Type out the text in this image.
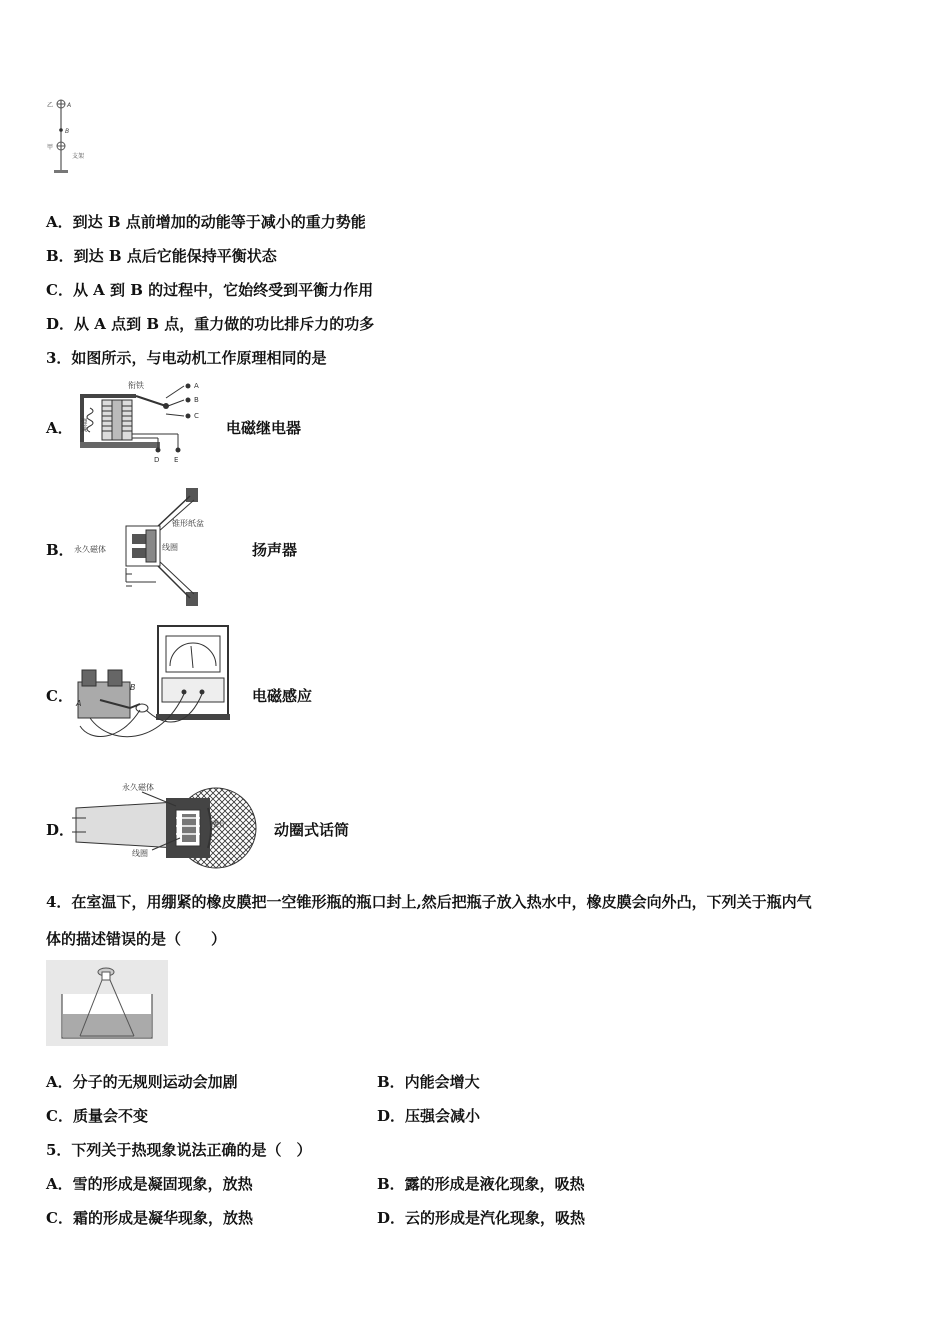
乙 A
B
甲
支架
A．到达 B 点前增加的动能等于减小的重力势能
B．到达 B 点后它能保持平衡状态
C．从 A 到 B 的过程中，它始终受到平衡力作用
D．从 A 点到 B 点，重力做的功比排斥力的功多
3．如图所示，与电动机工作原理相同的是
A．
衔铁
弹簧
A
B
C
D E
电磁继电器
B．
锥形纸盆
永久磁体	线圈	扬声器
C． A
B	电磁感应
D．
永久磁体
线圈
膜片	动圈式话筒
4．在室温下，用绷紧的橡皮膜把一空锥形瓶的瓶口封上,然后把瓶子放入热水中，橡皮膜会向外凸，下列关于瓶内气
体的描述错误的是（　　）
A．分子的无规则运动会加剧	B．内能会增大
C．质量会不变	D．压强会减小
5．下列关于热现象说法正确的是（　）
A．雪的形成是凝固现象，放热	B．露的形成是液化现象，吸热
C．霜的形成是凝华现象，放热	D．云的形成是汽化现象，吸热
